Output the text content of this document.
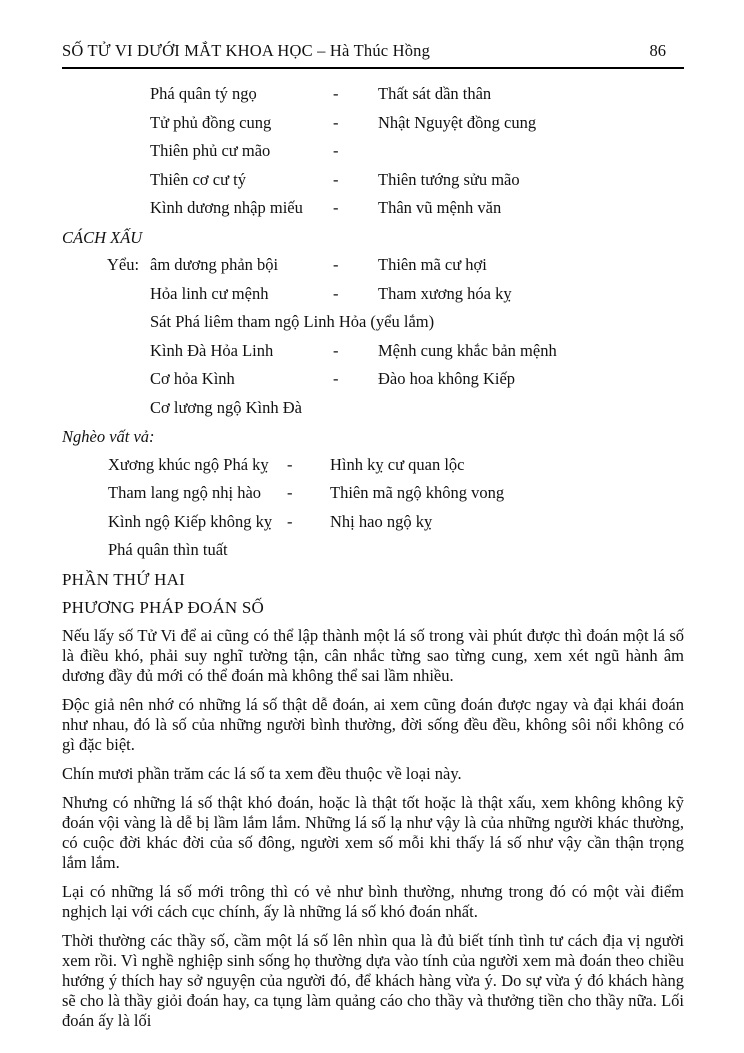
SỐ TỬ VI DƯỚI MẮT KHOA HỌC – Hà Thúc Hồng	86
Phá quân tý ngọ	- Thất sát dần thân
Tử phủ đồng cung	- Nhật Nguyệt đồng cung
Thiên phủ cư mão	-
Thiên cơ cư tý	- Thiên tướng sửu mão
Kình dương nhập miếu - Thân vũ mệnh văn
CÁCH XẤU
Yểu: âm dương phản bội	- Thiên mã cư hợi
Hỏa linh cư mệnh	- Tham xương hóa kỵ
Sát Phá liêm tham ngộ Linh Hỏa (yểu lắm)
Kình Đà Hỏa Linh	- Mệnh cung khắc bản mệnh
Cơ hỏa Kình	- Đào hoa không Kiếp
Cơ lương ngộ Kình Đà
Nghèo vất vả:
Xương khúc ngộ Phá kỵ - Hình kỵ cư quan lộc
Tham lang ngộ nhị hào - Thiên mã ngộ không vong
Kình ngộ Kiếp không kỵ - Nhị hao ngộ kỵ
Phá quân thìn tuất
PHẦN THỨ HAI
PHƯƠNG PHÁP ĐOÁN SỐ

Nếu lấy số Tử Vi để ai cũng có thể lập thành một lá số trong vài phút được thì đoán một lá số là điều khó, phải suy nghĩ tường tận, cân nhắc từng sao từng cung, xem xét ngũ hành âm dương đầy đủ mới có thể đoán mà không thể sai lầm nhiều.

Độc giả nên nhớ có những lá số thật dễ đoán, ai xem cũng đoán được ngay và đại khái đoán như nhau, đó là số của những người bình thường, đời sống đều đều, không sôi nổi không có gì đặc biệt.

Chín mươi phần trăm các lá số ta xem đều thuộc về loại này.

Nhưng có những lá số thật khó đoán, hoặc là thật tốt hoặc là thật xấu, xem không không kỹ đoán vội vàng là dễ bị lầm lắm lắm. Những lá số lạ như vậy là của những người khác thường, có cuộc đời khác đời của số đông, người xem số mỗi khi thấy lá số như vậy cần thận trọng lắm lắm.

Lại có những lá số mới trông thì có vẻ như bình thường, nhưng trong đó có một vài điểm nghịch lại với cách cục chính, ấy là những lá số khó đoán nhất.

Thời thường các thầy số, cầm một lá số lên nhìn qua là đủ biết tính tình tư cách địa vị người xem rồi. Vì nghề nghiệp sinh sống họ thường dựa vào tính của người xem mà đoán theo chiều hướng ý thích hay sở nguyện của người đó, để khách hàng vừa ý. Do sự vừa ý đó khách hàng sẽ cho là thầy giỏi đoán hay, ca tụng làm quảng cáo cho thầy và thưởng tiền cho thầy nữa. Lối đoán ấy là lối
